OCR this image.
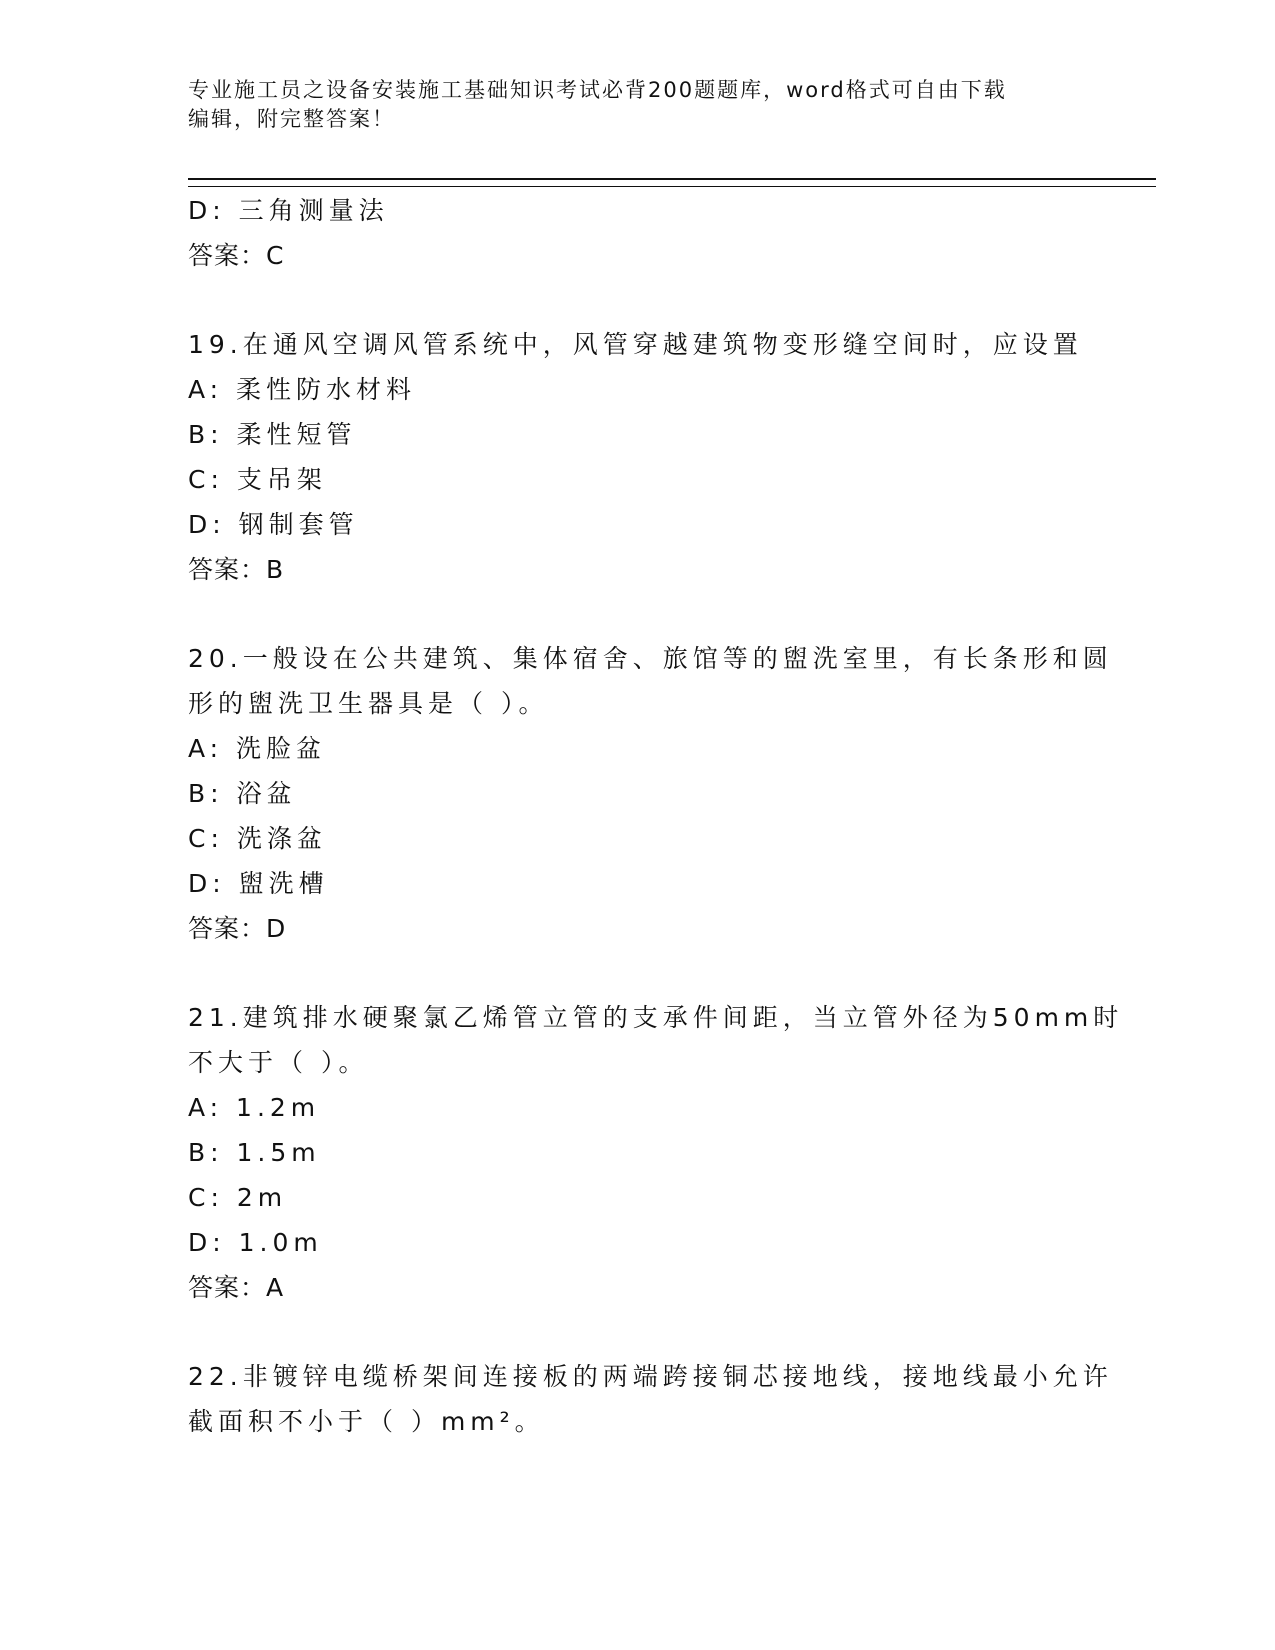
专业施工员之设备安装施工基础知识考试必背200题题库，word格式可自由下载
编辑，附完整答案！
D: 三角测量法
答案：C
19.在通风空调风管系统中，风管穿越建筑物变形缝空间时，应设置
A: 柔性防水材料
B: 柔性短管
C: 支吊架
D: 钢制套管
答案：B
20.一般设在公共建筑、集体宿舍、旅馆等的盥洗室里，有长条形和圆
形的盥洗卫生器具是（ ）。
A: 洗脸盆
B: 浴盆
C: 洗涤盆
D: 盥洗槽
答案：D
21.建筑排水硬聚氯乙烯管立管的支承件间距，当立管外径为50mm时
不大于（ ）。
A: 1.2m
B: 1.5m
C: 2m
D: 1.0m
答案：A
22.非镀锌电缆桥架间连接板的两端跨接铜芯接地线，接地线最小允许
截面积不小于（ ）mm²。
